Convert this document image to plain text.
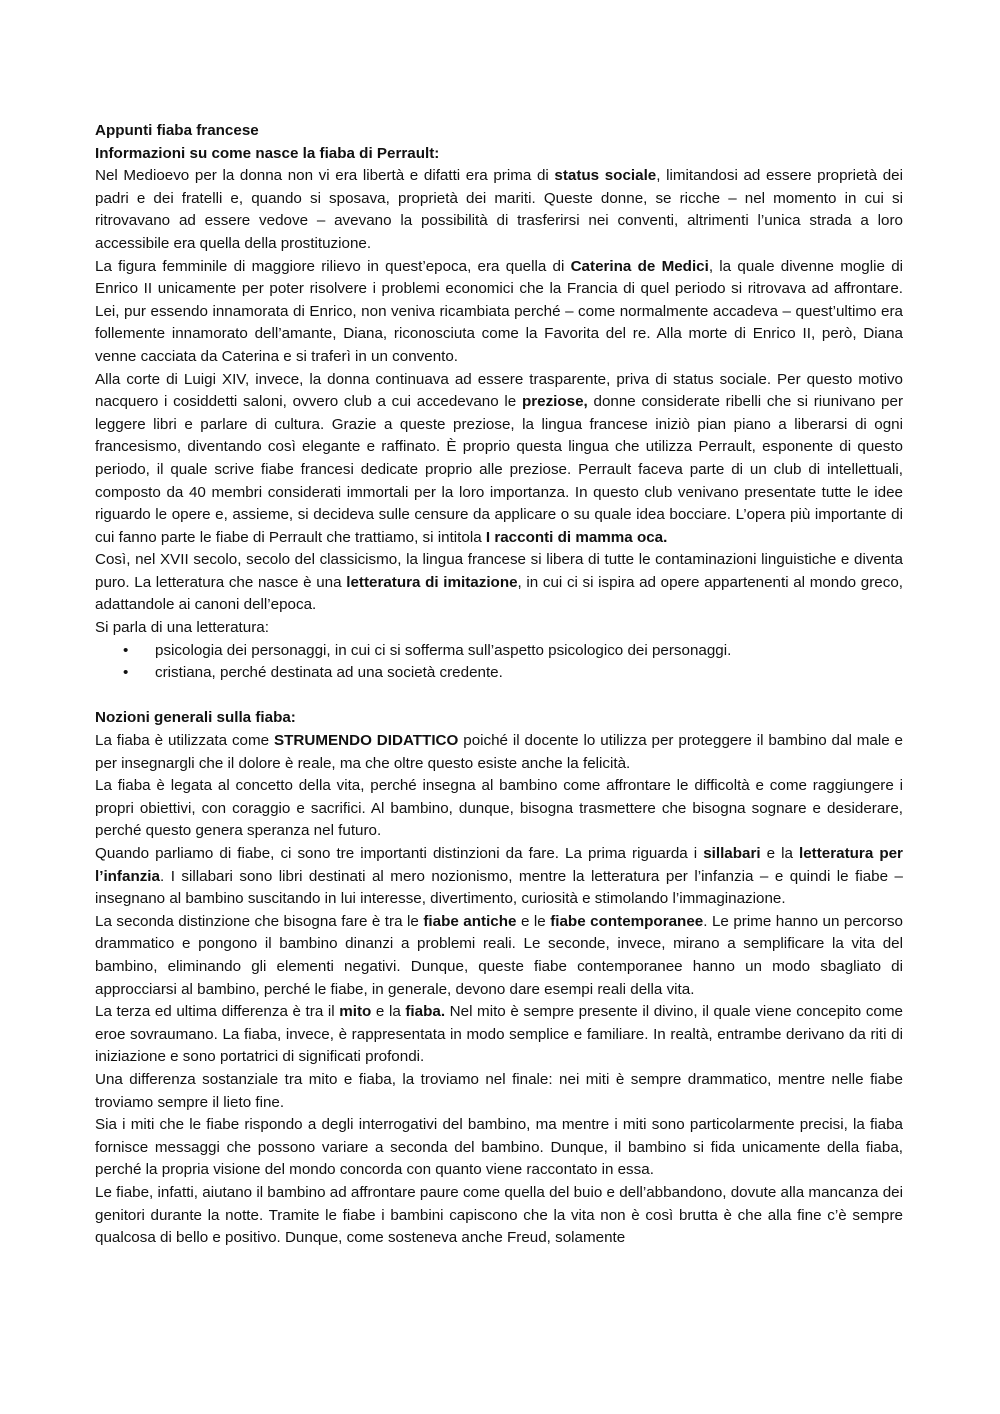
Appunti fiaba francese

Informazioni su come nasce la fiaba di Perrault:

Nel Medioevo per la donna non vi era libertà e difatti era prima di status sociale, limitandosi ad essere proprietà dei padri e dei fratelli e, quando si sposava, proprietà dei mariti. Queste donne, se ricche – nel momento in cui si ritrovavano ad essere vedove – avevano la possibilità di trasferirsi nei conventi, altrimenti l’unica strada a loro accessibile era quella della prostituzione.

La figura femminile di maggiore rilievo in quest’epoca, era quella di Caterina de Medici, la quale divenne moglie di Enrico II unicamente per poter risolvere i problemi economici che la Francia di quel periodo si ritrovava ad affrontare. Lei, pur essendo innamorata di Enrico, non veniva ricambiata perché – come normalmente accadeva – quest’ultimo era follemente innamorato dell’amante, Diana, riconosciuta come la Favorita del re. Alla morte di Enrico II, però, Diana venne cacciata da Caterina e si traferì in un convento.

Alla corte di Luigi XIV, invece, la donna continuava ad essere trasparente, priva di status sociale. Per questo motivo nacquero i cosiddetti saloni, ovvero club a cui accedevano le preziose, donne considerate ribelli che si riunivano per leggere libri e parlare di cultura. Grazie a queste preziose, la lingua francese iniziò pian piano a liberarsi di ogni francesismo, diventando così elegante e raffinato. È proprio questa lingua che utilizza Perrault, esponente di questo periodo, il quale scrive fiabe francesi dedicate proprio alle preziose. Perrault faceva parte di un club di intellettuali, composto da 40 membri considerati immortali per la loro importanza. In questo club venivano presentate tutte le idee riguardo le opere e, assieme, si decideva sulle censure da applicare o su quale idea bocciare. L’opera più importante di cui fanno parte le fiabe di Perrault che trattiamo, si intitola I racconti di mamma oca.

Così, nel XVII secolo, secolo del classicismo, la lingua francese si libera di tutte le contaminazioni linguistiche e diventa puro. La letteratura che nasce è una letteratura di imitazione, in cui ci si ispira ad opere appartenenti al mondo greco, adattandole ai canoni dell’epoca.

Si parla di una letteratura:

• psicologia dei personaggi, in cui ci si sofferma sull’aspetto psicologico dei personaggi.
• cristiana, perché destinata ad una società credente.

Nozioni generali sulla fiaba:

La fiaba è utilizzata come STRUMENDO DIDATTICO poiché il docente lo utilizza per proteggere il bambino dal male e per insegnargli che il dolore è reale, ma che oltre questo esiste anche la felicità.

La fiaba è legata al concetto della vita, perché insegna al bambino come affrontare le difficoltà e come raggiungere i propri obiettivi, con coraggio e sacrifici. Al bambino, dunque, bisogna trasmettere che bisogna sognare e desiderare, perché questo genera speranza nel futuro.

Quando parliamo di fiabe, ci sono tre importanti distinzioni da fare. La prima riguarda i sillabari e la letteratura per l’infanzia. I sillabari sono libri destinati al mero nozionismo, mentre la letteratura per l’infanzia – e quindi le fiabe – insegnano al bambino suscitando in lui interesse, divertimento, curiosità e stimolando l’immaginazione.

La seconda distinzione che bisogna fare è tra le fiabe antiche e le fiabe contemporanee. Le prime hanno un percorso drammatico e pongono il bambino dinanzi a problemi reali. Le seconde, invece, mirano a semplificare la vita del bambino, eliminando gli elementi negativi. Dunque, queste fiabe contemporanee hanno un modo sbagliato di approcciarsi al bambino, perché le fiabe, in generale, devono dare esempi reali della vita.

La terza ed ultima differenza è tra il mito e la fiaba. Nel mito è sempre presente il divino, il quale viene concepito come eroe sovraumano. La fiaba, invece, è rappresentata in modo semplice e familiare. In realtà, entrambe derivano da riti di iniziazione e sono portatrici di significati profondi.

Una differenza sostanziale tra mito e fiaba, la troviamo nel finale: nei miti è sempre drammatico, mentre nelle fiabe troviamo sempre il lieto fine.

Sia i miti che le fiabe rispondo a degli interrogativi del bambino, ma mentre i miti sono particolarmente precisi, la fiaba fornisce messaggi che possono variare a seconda del bambino. Dunque, il bambino si fida unicamente della fiaba, perché la propria visione del mondo concorda con quanto viene raccontato in essa.

Le fiabe, infatti, aiutano il bambino ad affrontare paure come quella del buio e dell’abbandono, dovute alla mancanza dei genitori durante la notte. Tramite le fiabe i bambini capiscono che la vita non è così brutta è che alla fine c’è sempre qualcosa di bello e positivo. Dunque, come sosteneva anche Freud, solamente
